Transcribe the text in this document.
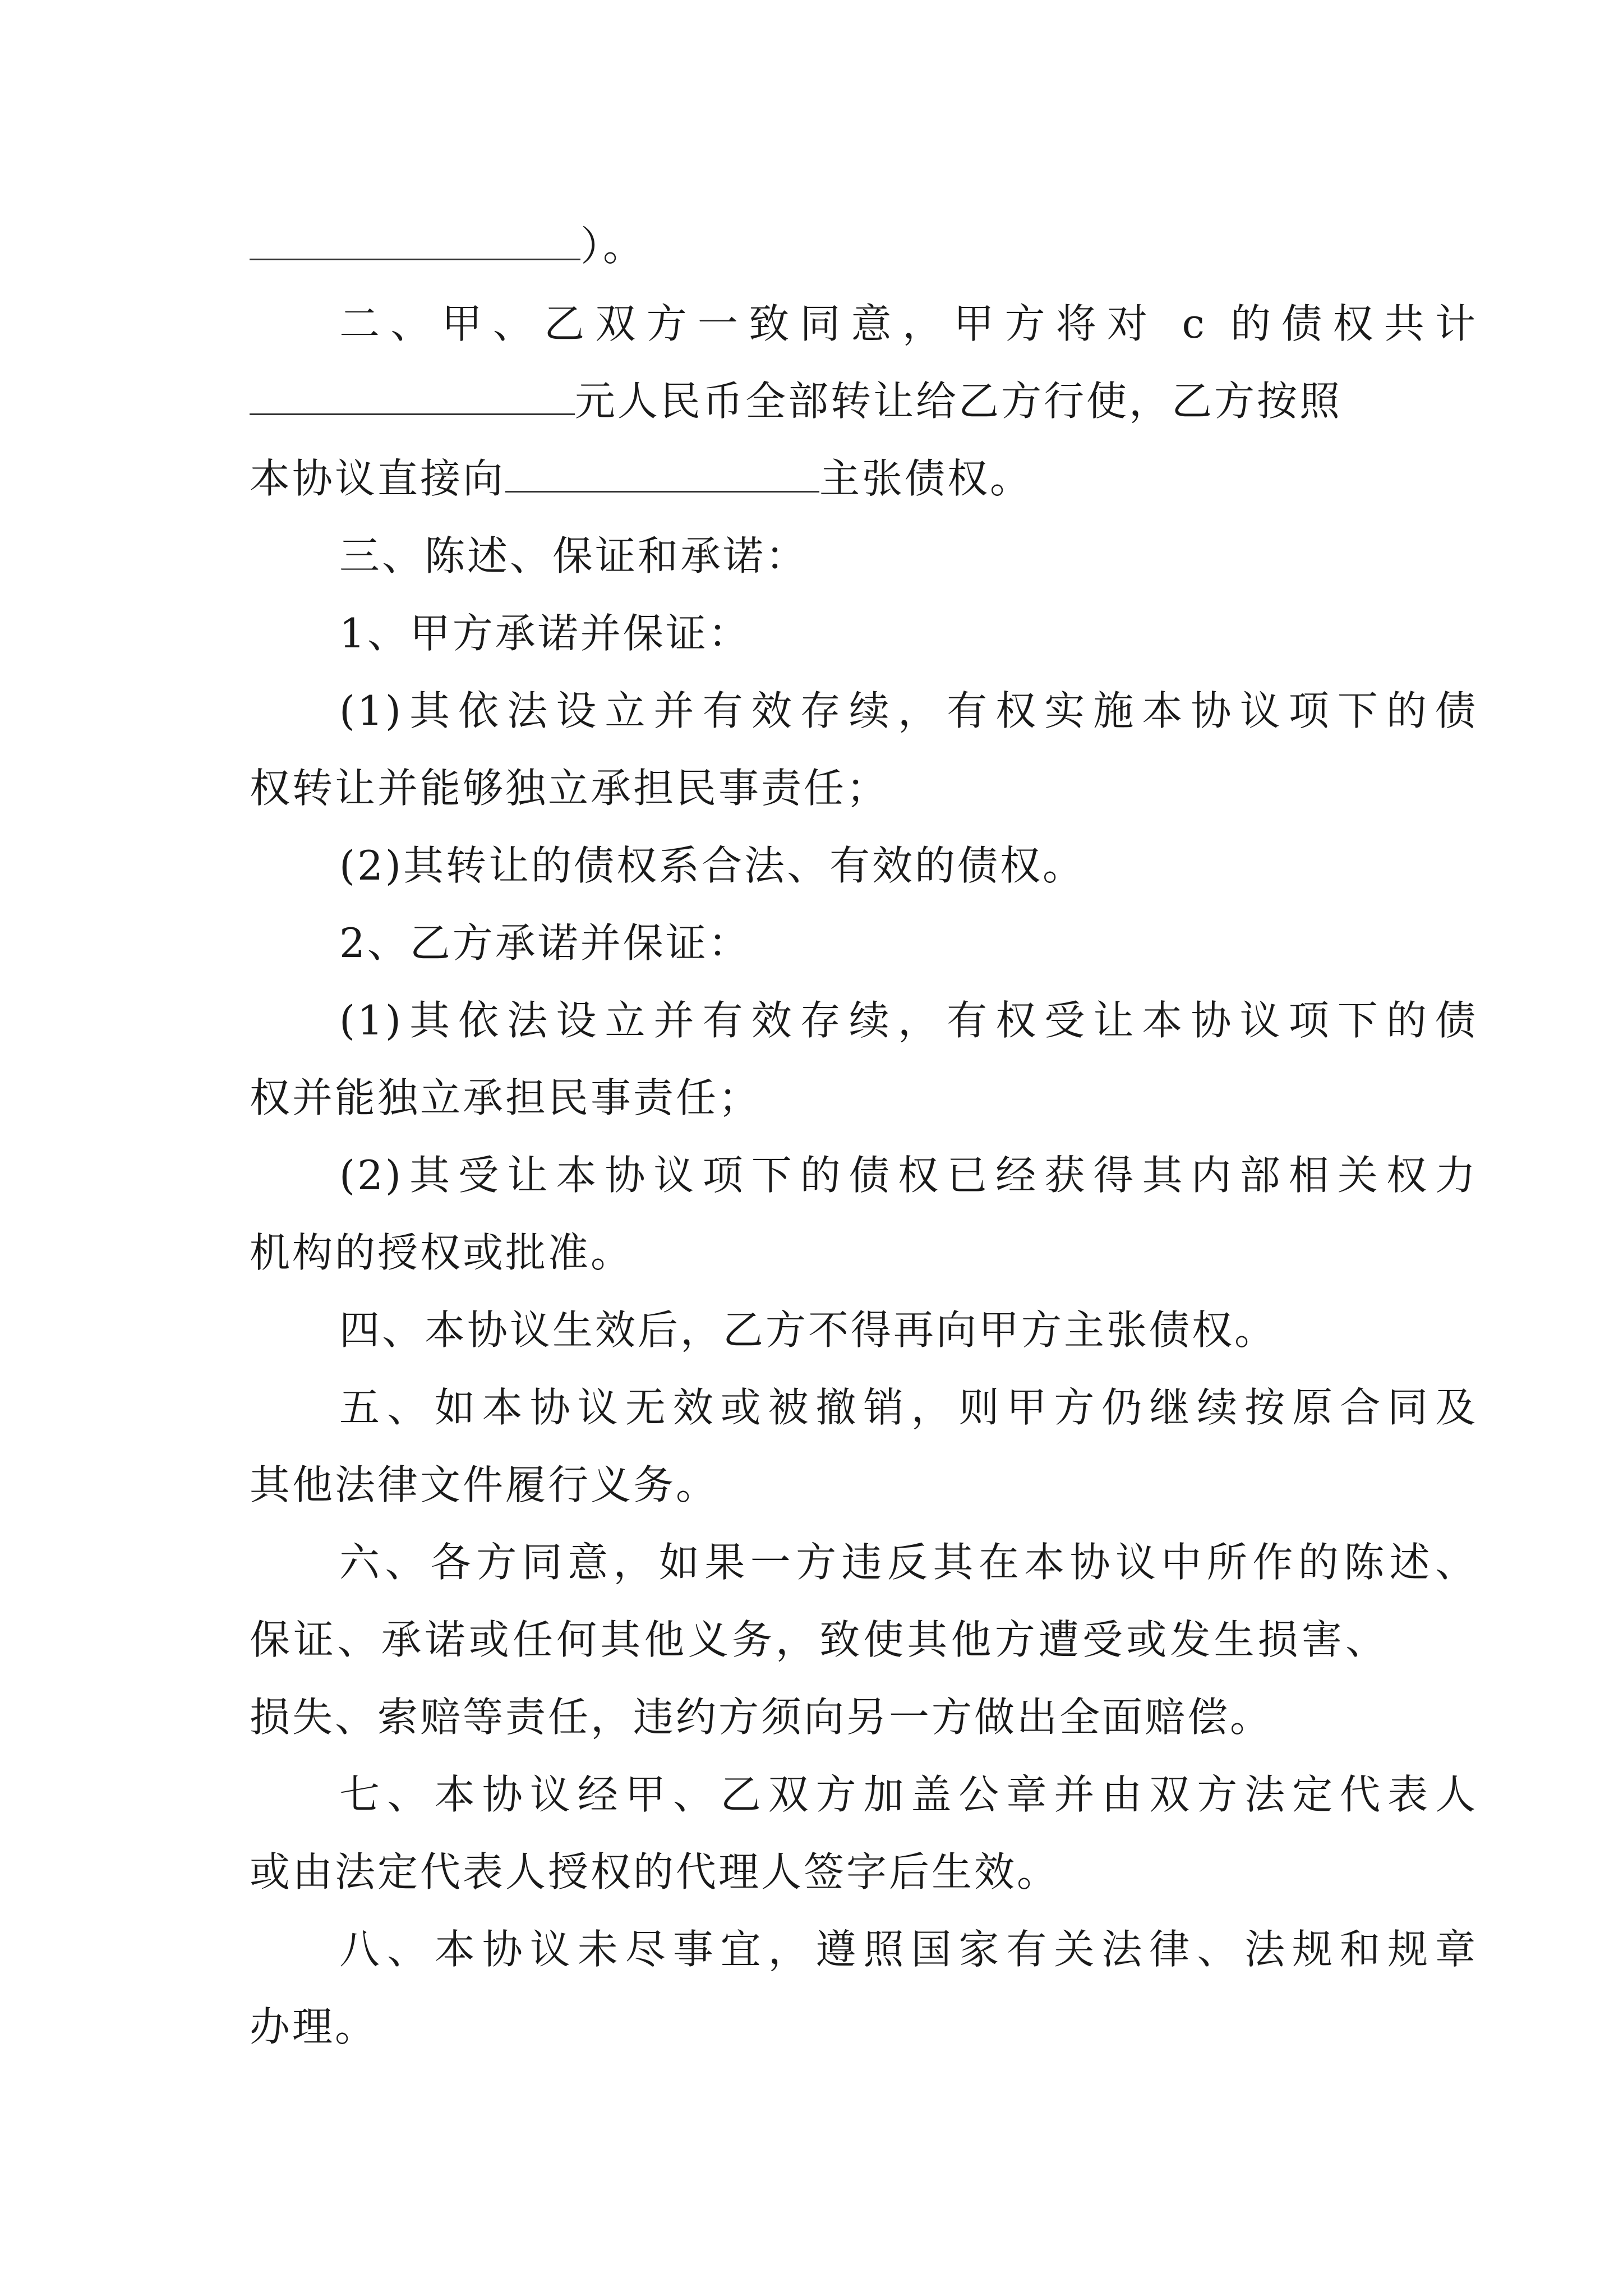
）。
二、甲、乙双方一致同意，甲方将对 c 的债权共计
元人民币全部转让给乙方行使，乙方按照
本协议直接向	主张债权。
三、陈述、保证和承诺：
1、甲方承诺并保证：
(1)其依法设立并有效存续，有权实施本协议项下的债
权转让并能够独立承担民事责任；
(2)其转让的债权系合法、有效的债权。
2、乙方承诺并保证：
(1)其依法设立并有效存续，有权受让本协议项下的债
权并能独立承担民事责任；
(2)其受让本协议项下的债权已经获得其内部相关权力
机构的授权或批准。
四、本协议生效后，乙方不得再向甲方主张债权。
五、如本协议无效或被撤销，则甲方仍继续按原合同及
其他法律文件履行义务。
六、各方同意，如果一方违反其在本协议中所作的陈述、
保证、承诺或任何其他义务，致使其他方遭受或发生损害、
损失、索赔等责任，违约方须向另一方做出全面赔偿。
七、本协议经甲、乙双方加盖公章并由双方法定代表人
或由法定代表人授权的代理人签字后生效。
八、本协议未尽事宜，遵照国家有关法律、法规和规章
办理。
